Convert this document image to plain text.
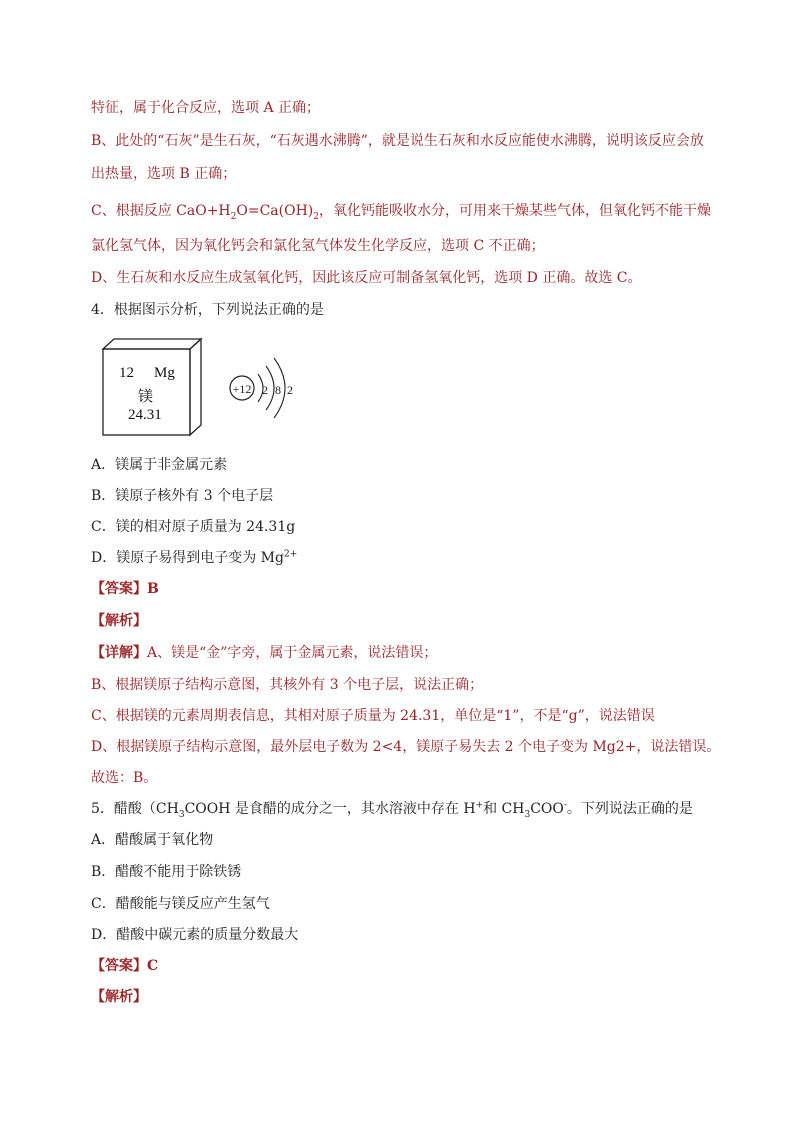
特征，属于化合反应，选项 A 正确；
B、此处的“石灰”是生石灰，“石灰遇水沸腾”，就是说生石灰和水反应能使水沸腾，说明该反应会放
出热量，选项 B 正确；
C、根据反应 $CaO+H_2O=Ca(OH)_2$，氧化钙能吸收水分，可用来干燥某些气体，但氧化钙不能干燥
氯化氢气体，因为氧化钙会和氯化氢气体发生化学反应，选项 C 不正确；
D、生石灰和水反应生成氢氧化钙，因此该反应可制备氢氧化钙，选项 D 正确。故选 C。
4．根据图示分析，下列说法正确的是
12 Mg
镁
24.31
+12 2 8 2
A．镁属于非金属元素
B．镁原子核外有 3 个电子层
C．镁的相对原子质量为 24.31g
D．镁原子易得到电子变为 $Mg^{2+}$
【答案】B
【解析】
【详解】A、镁是“金”字旁，属于金属元素，说法错误；
B、根据镁原子结构示意图，其核外有 3 个电子层，说法正确；
C、根据镁的元素周期表信息，其相对原子质量为 24.31，单位是“1”，不是“g”，说法错误
D、根据镁原子结构示意图，最外层电子数为 2<4，镁原子易失去 2 个电子变为 Mg2+，说法错误。
故选：B。
5．醋酸（$CH_3COOH$ 是食醋的成分之一，其水溶液中存在 H+和 $CH_3COO^-$。下列说法正确的是
A．醋酸属于氧化物
B．醋酸不能用于除铁锈
C．醋酸能与镁反应产生氢气
D．醋酸中碳元素的质量分数最大
【答案】C
【解析】
